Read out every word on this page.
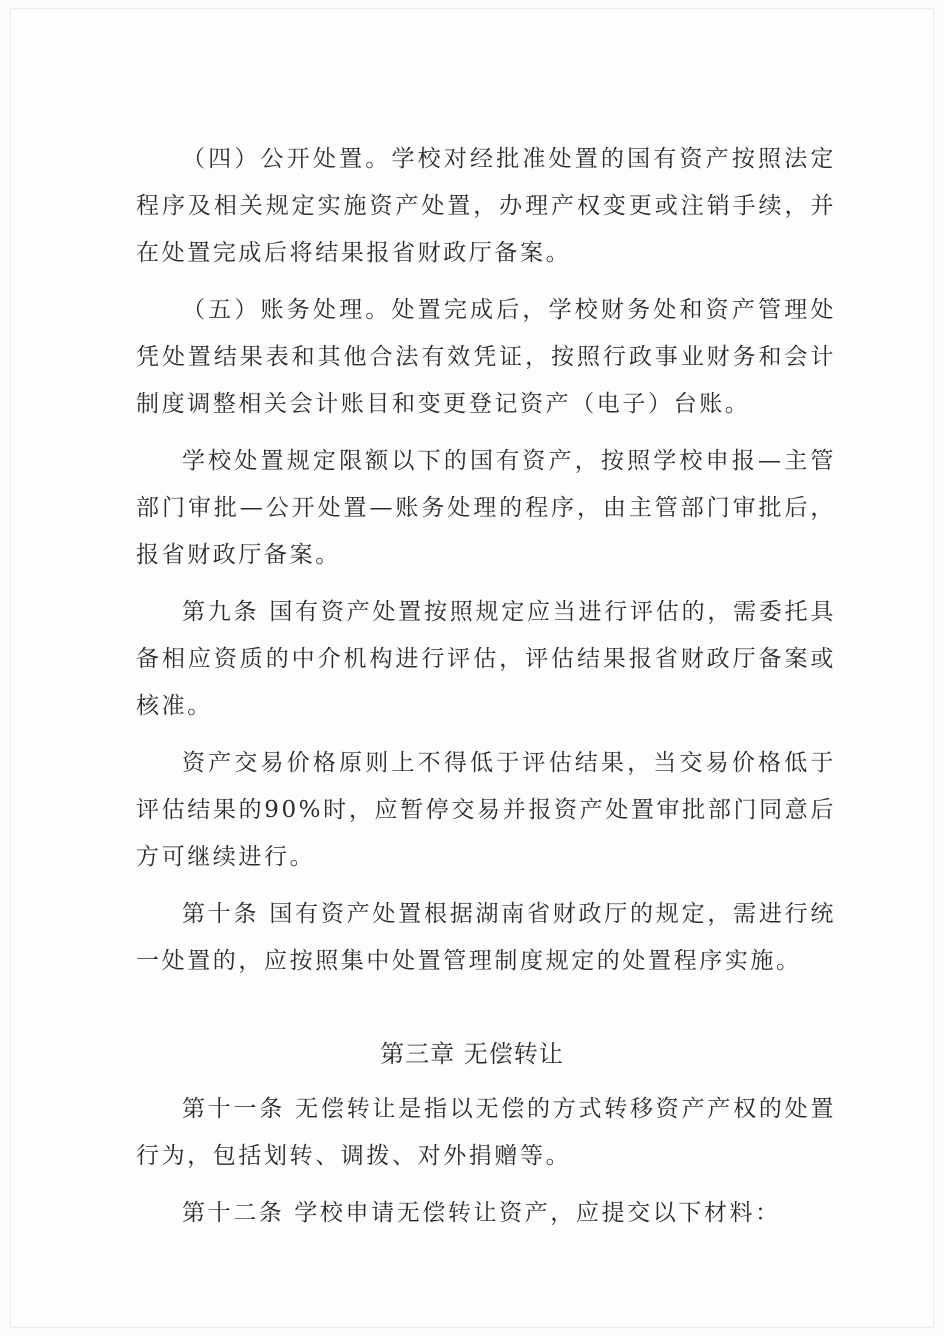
（四）公开处置。学校对经批准处置的国有资产按照法定程序及相关规定实施资产处置，办理产权变更或注销手续，并在处置完成后将结果报省财政厅备案。

（五）账务处理。处置完成后，学校财务处和资产管理处凭处置结果表和其他合法有效凭证，按照行政事业财务和会计制度调整相关会计账目和变更登记资产（电子）台账。

学校处置规定限额以下的国有资产，按照学校申报—主管部门审批—公开处置—账务处理的程序，由主管部门审批后，报省财政厅备案。

第九条 国有资产处置按照规定应当进行评估的，需委托具备相应资质的中介机构进行评估，评估结果报省财政厅备案或核准。

资产交易价格原则上不得低于评估结果，当交易价格低于评估结果的90%时，应暂停交易并报资产处置审批部门同意后方可继续进行。

第十条 国有资产处置根据湖南省财政厅的规定，需进行统一处置的，应按照集中处置管理制度规定的处置程序实施。

第三章 无偿转让

第十一条 无偿转让是指以无偿的方式转移资产产权的处置行为，包括划转、调拨、对外捐赠等。

第十二条 学校申请无偿转让资产，应提交以下材料：
